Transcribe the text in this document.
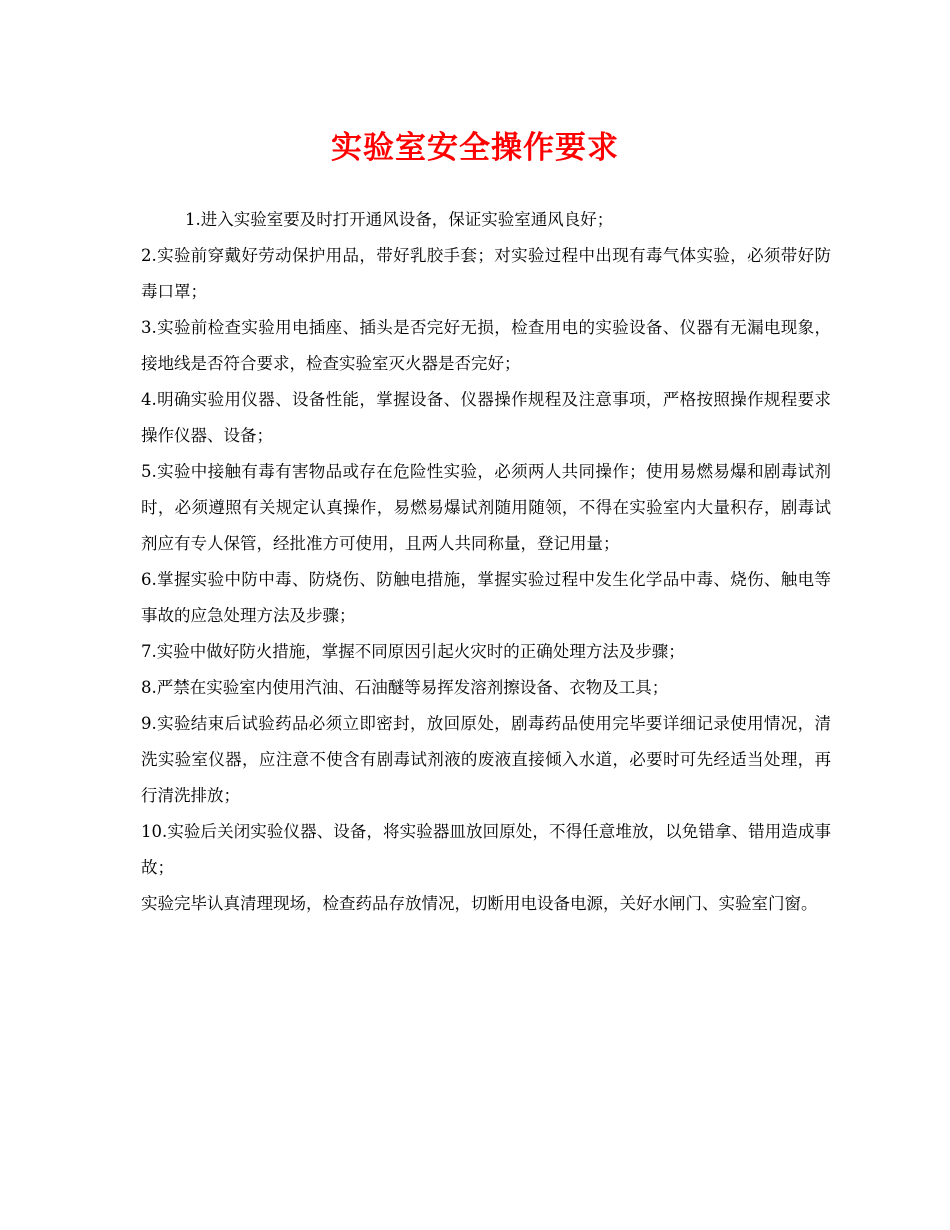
实验室安全操作要求

1.进入实验室要及时打开通风设备，保证实验室通风良好；

2.实验前穿戴好劳动保护用品，带好乳胶手套；对实验过程中出现有毒气体实验，必须带好防毒口罩；

3.实验前检查实验用电插座、插头是否完好无损，检查用电的实验设备、仪器有无漏电现象，接地线是否符合要求，检查实验室灭火器是否完好；

4.明确实验用仪器、设备性能，掌握设备、仪器操作规程及注意事项，严格按照操作规程要求操作仪器、设备；

5.实验中接触有毒有害物品或存在危险性实验，必须两人共同操作；使用易燃易爆和剧毒试剂时，必须遵照有关规定认真操作，易燃易爆试剂随用随领，不得在实验室内大量积存，剧毒试剂应有专人保管，经批准方可使用，且两人共同称量，登记用量；

6.掌握实验中防中毒、防烧伤、防触电措施，掌握实验过程中发生化学品中毒、烧伤、触电等事故的应急处理方法及步骤；

7.实验中做好防火措施，掌握不同原因引起火灾时的正确处理方法及步骤；

8.严禁在实验室内使用汽油、石油醚等易挥发溶剂擦设备、衣物及工具；

9.实验结束后试验药品必须立即密封，放回原处，剧毒药品使用完毕要详细记录使用情况，清洗实验室仪器，应注意不使含有剧毒试剂液的废液直接倾入水道，必要时可先经适当处理，再行清洗排放；

10.实验后关闭实验仪器、设备，将实验器皿放回原处，不得任意堆放，以免错拿、错用造成事故；

实验完毕认真清理现场，检查药品存放情况，切断用电设备电源，关好水闸门、实验室门窗。
